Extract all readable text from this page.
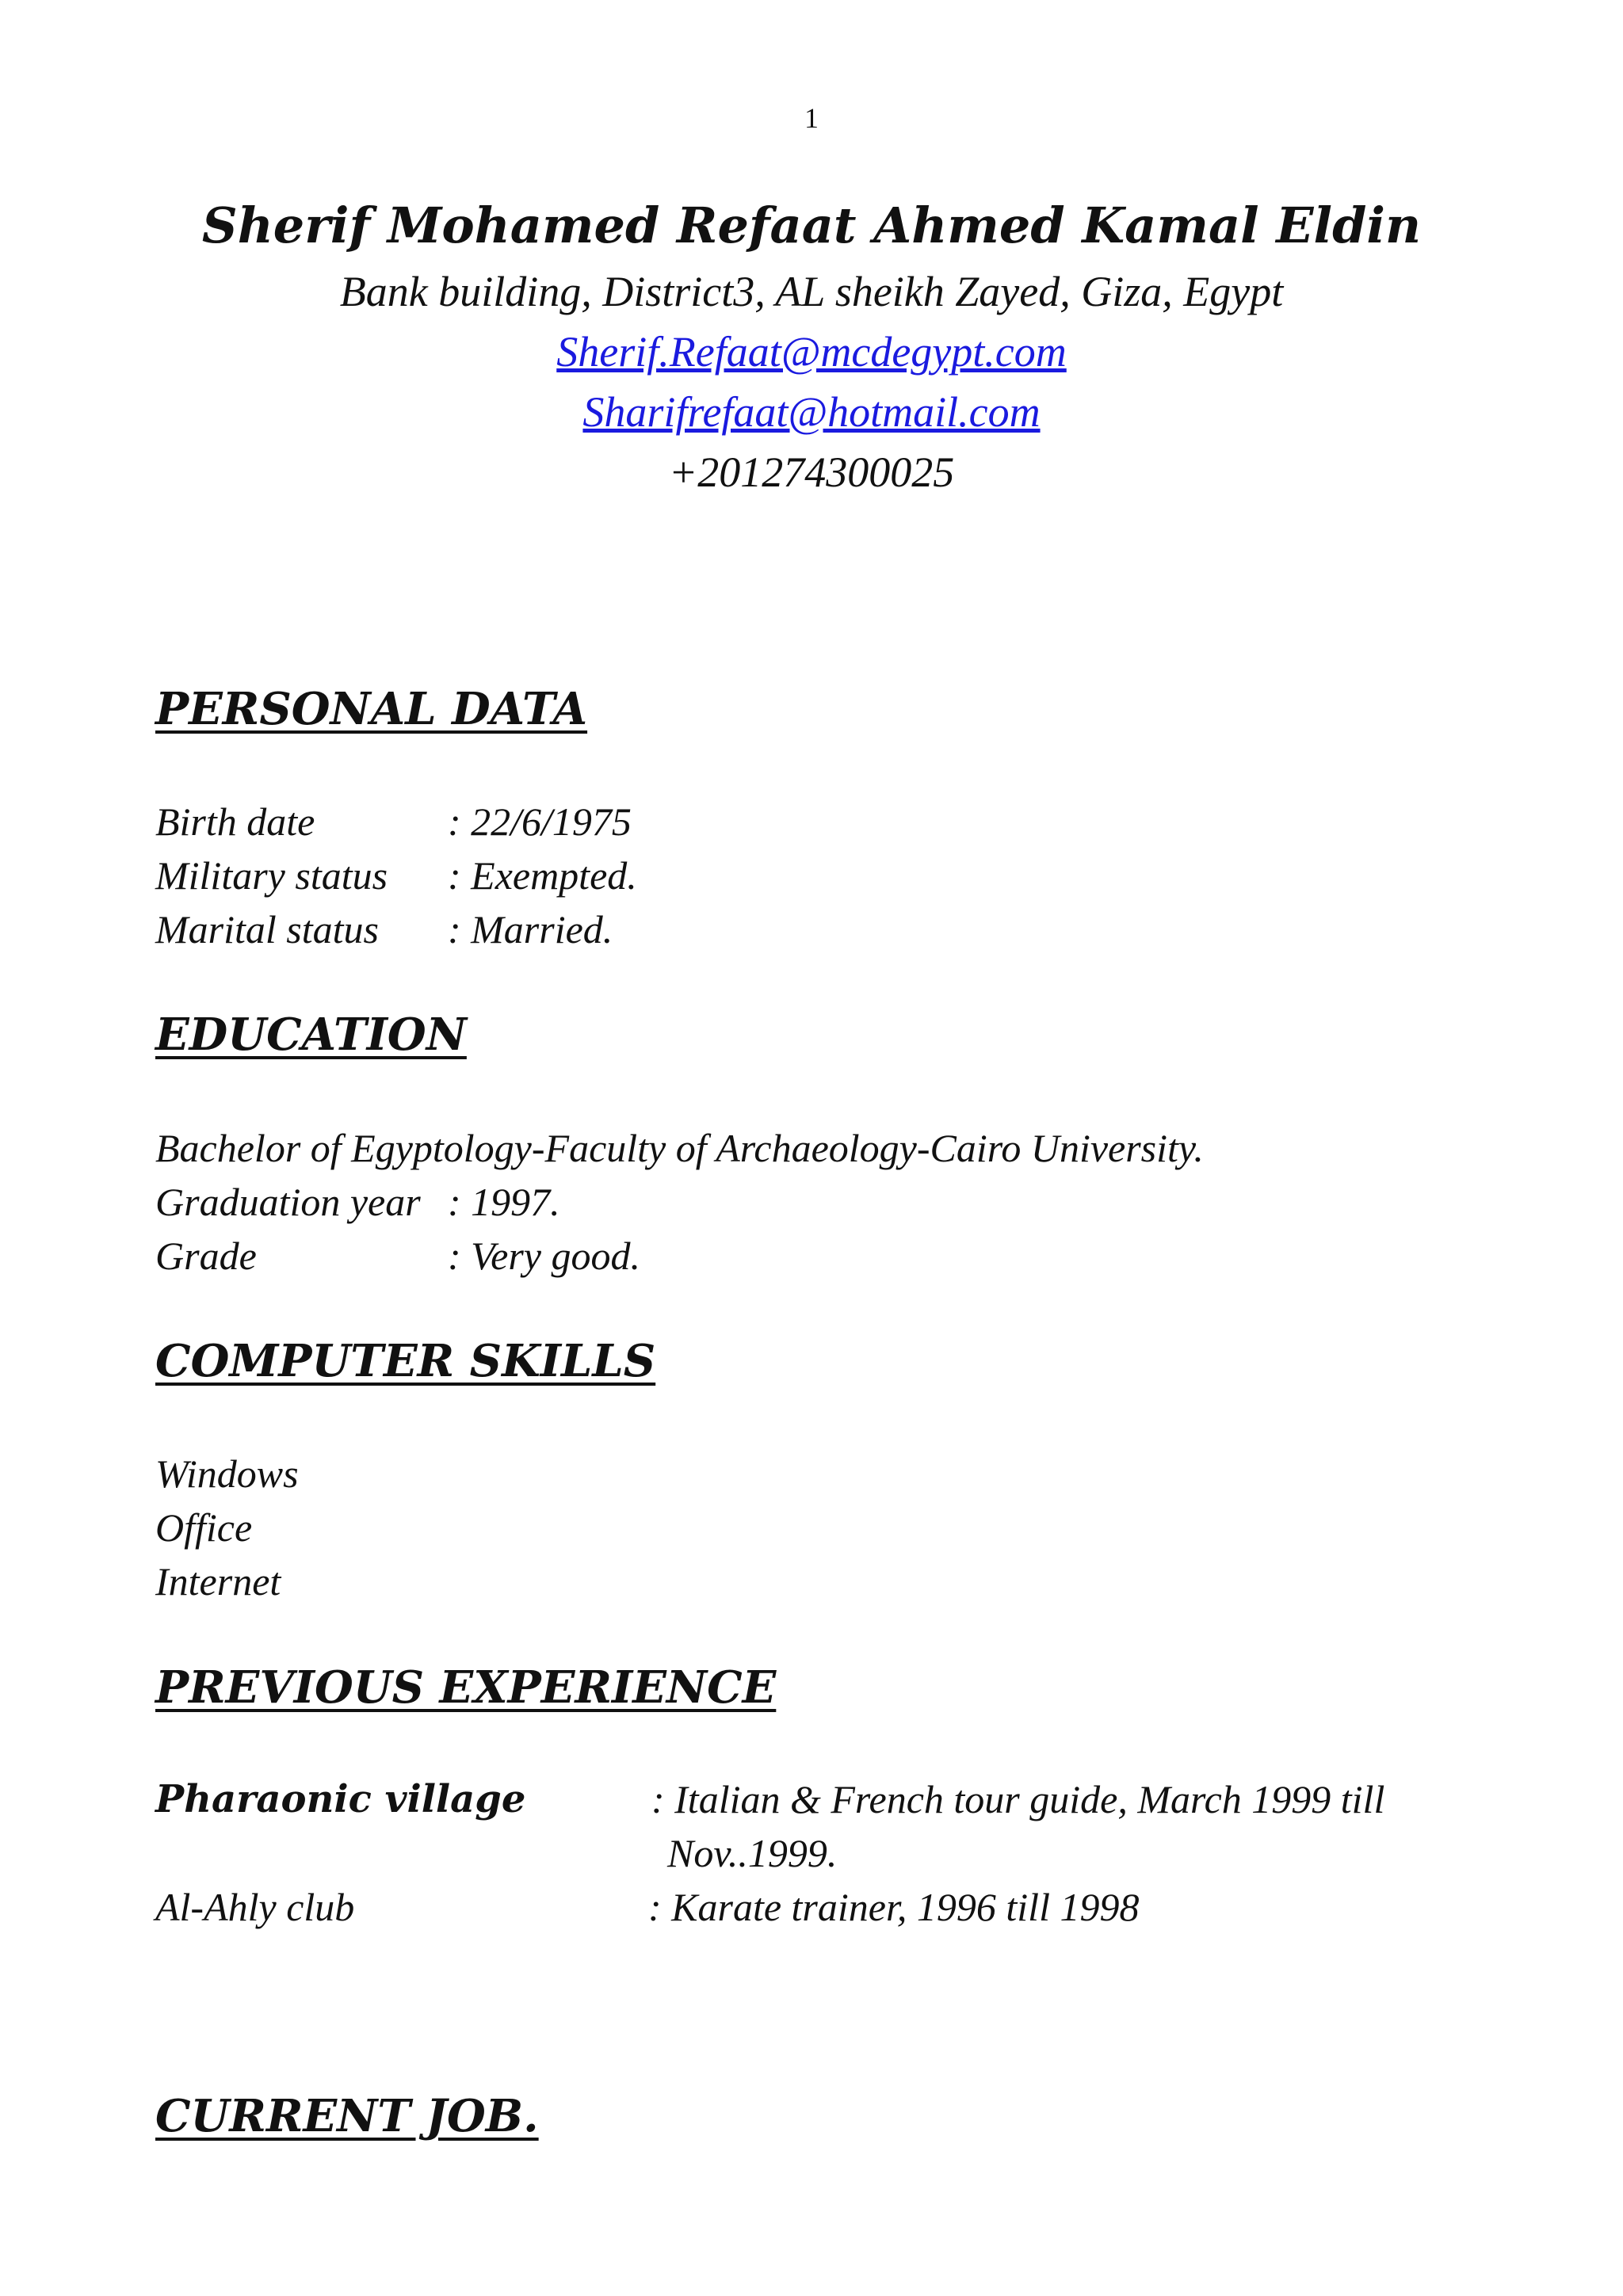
1
Sherif Mohamed Refaat Ahmed Kamal Eldin
Bank building, District3, AL sheikh Zayed, Giza, Egypt
Sherif.Refaat@mcdegypt.com
Sharifrefaat@hotmail.com
+201274300025
PERSONAL DATA
Birth date	: 22/6/1975
Military status : Exempted.
Marital status : Married.
EDUCATION
Bachelor of Egyptology-Faculty of Archaeology-Cairo University.
Graduation year : 1997.
Grade	: Very good.
COMPUTER SKILLS
Windows
Office
Internet
PREVIOUS EXPERIENCE
Pharaonic village	: Italian & French tour guide, March 1999 till
Nov..1999.
Al-Ahly club	: Karate trainer, 1996 till 1998
CURRENT JOB.
